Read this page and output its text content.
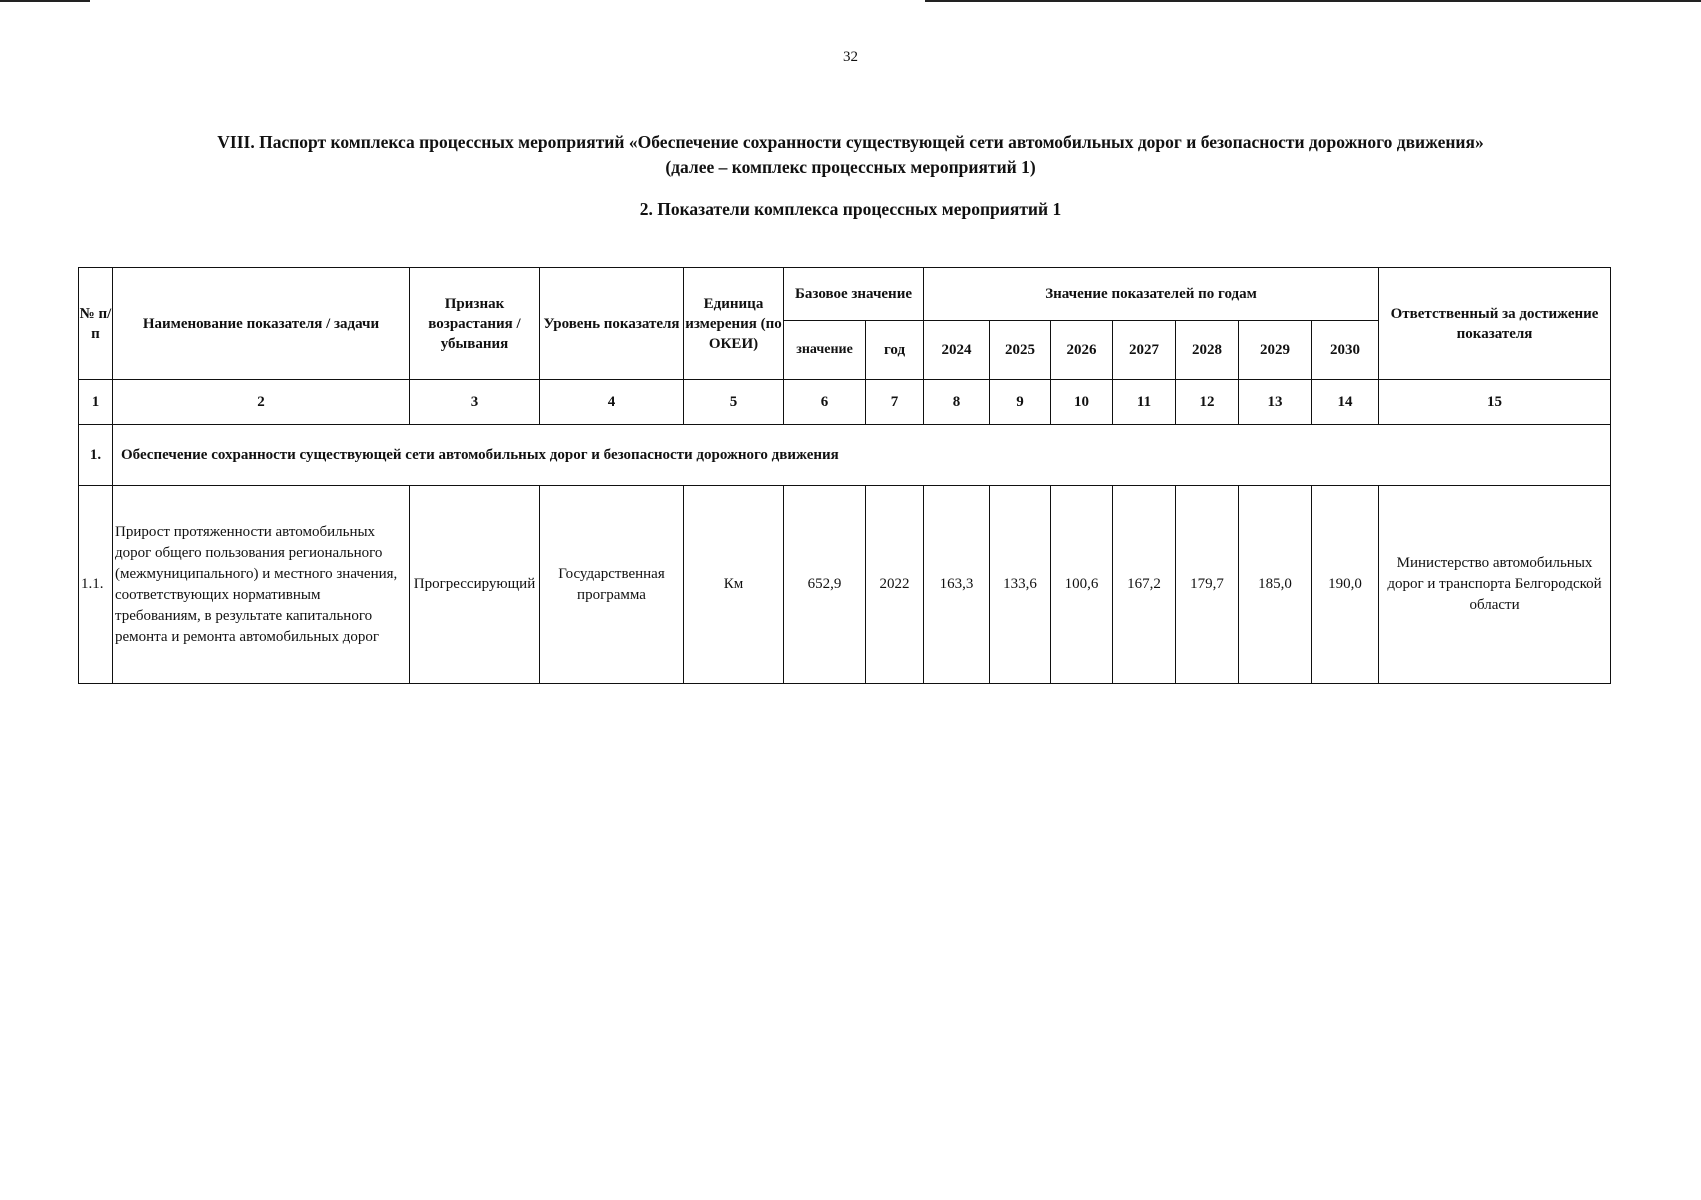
32
VIII. Паспорт комплекса процессных мероприятий «Обеспечение сохранности существующей сети автомобильных дорог и безопасности дорожного движения»
(далее – комплекс процессных мероприятий 1)
2. Показатели комплекса процессных мероприятий 1
№ п/п	Наименование показателя / задачи	Признак возрастания / убывания	Уровень показателя	Единица измерения (по ОКЕИ)	Базовое значение		Значение показателей по годам							Ответственный за достижение показателя
					значение	год	2024	2025	2026	2027	2028	2029	2030	
1	2	3	4	5	6	7	8	9	10	11	12	13	14	15
1.	Обеспечение сохранности существующей сети автомобильных дорог и безопасности дорожного движения													
1.1.	Прирост протяженности автомобильных дорог общего пользования регионального (межмуниципального) и местного значения, соответствующих нормативным требованиям, в результате капитального ремонта и ремонта автомобильных дорог	Прогрессирующий	Государственная программа	Км	652,9	2022	163,3	133,6	100,6	167,2	179,7	185,0	190,0	Министерство автомобильных дорог и транспорта Белгородской области
